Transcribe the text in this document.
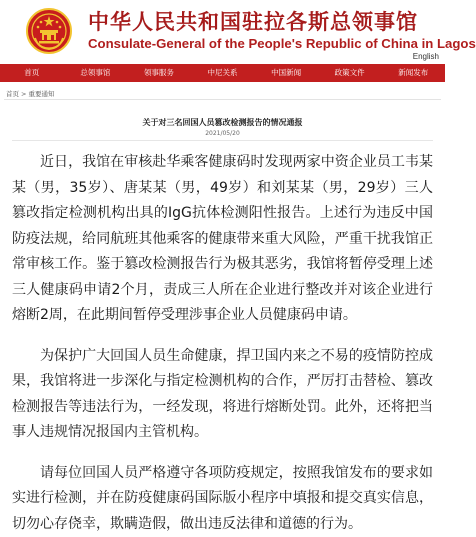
中华人民共和国驻拉各斯总领事馆
Consulate-General of the People's Republic of China in Lagos
English
首页	总领事馆	领事服务	中尼关系	中国新闻	政策文件	新闻发布
首页 > 重要通知
关于对三名回国人员篡改检测报告的情况通报
2021/05/20

近日，我馆在审核赴华乘客健康码时发现两家中资企业员工韦某某（男，35岁）、唐某某（男，49岁）和刘某某（男，29岁）三人篡改指定检测机构出具的IgG抗体检测阳性报告。上述行为违反中国防疫法规，给同航班其他乘客的健康带来重大风险，严重干扰我馆正常审核工作。鉴于篡改检测报告行为极其恶劣，我馆将暂停受理上述三人健康码申请2个月，责成三人所在企业进行整改并对该企业进行熔断2周，在此期间暂停受理涉事企业人员健康码申请。

为保护广大回国人员生命健康，捍卫国内来之不易的疫情防控成果，我馆将进一步深化与指定检测机构的合作，严厉打击替检、篡改检测报告等违法行为，一经发现，将进行熔断处罚。此外，还将把当事人违规情况报国内主管机构。

请每位回国人员严格遵守各项防疫规定，按照我馆发布的要求如实进行检测，并在防疫健康码国际版小程序中填报和提交真实信息，切勿心存侥幸，欺瞒造假，做出违反法律和道德的行为。
